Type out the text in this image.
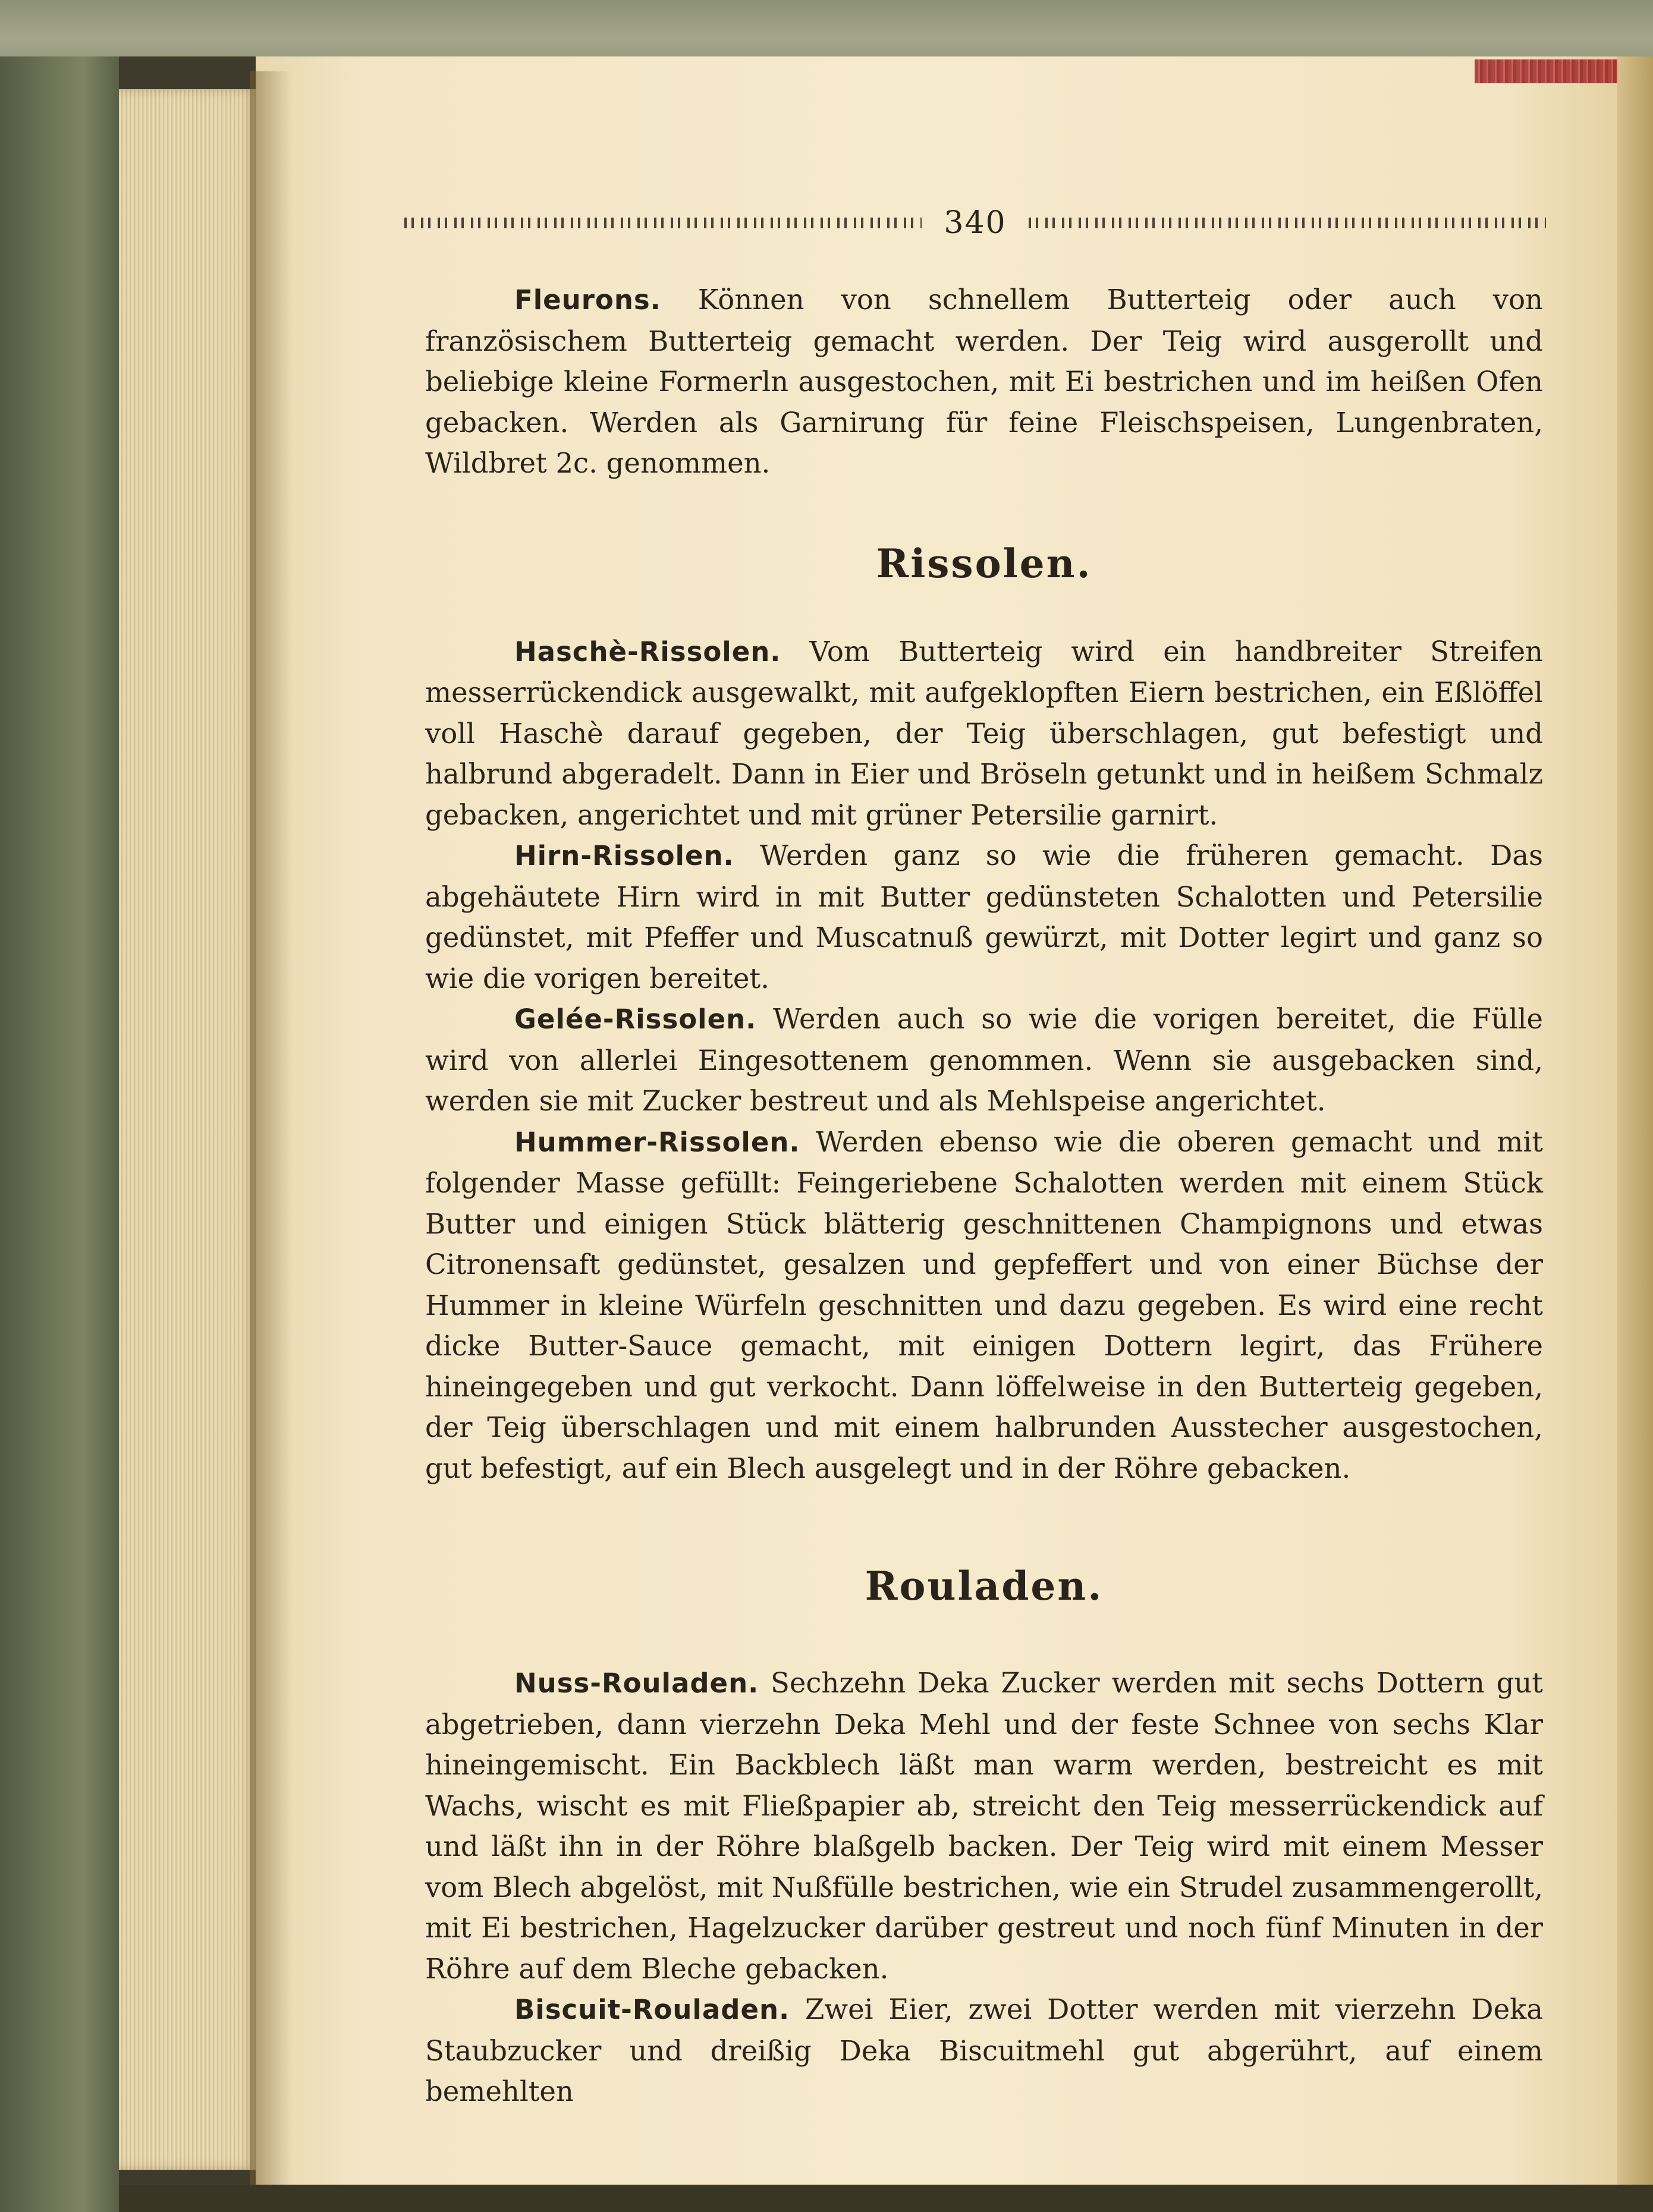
340

Fleurons. Können von schnellem Butterteig oder auch von französischem Butterteig gemacht werden. Der Teig wird ausgerollt und beliebige kleine Formerln ausgestochen, mit Ei bestrichen und im heißen Ofen gebacken. Werden als Garnirung für feine Fleischspeisen, Lungenbraten, Wildbret 2c. genommen.

Rissolen.

Haschè-Rissolen. Vom Butterteig wird ein handbreiter Streifen messerrückendick ausgewalkt, mit aufgeklopften Eiern bestrichen, ein Eßlöffel voll Haschè darauf gegeben, der Teig überschlagen, gut befestigt und halbrund abgeradelt. Dann in Eier und Bröseln getunkt und in heißem Schmalz gebacken, angerichtet und mit grüner Petersilie garnirt.

Hirn-Rissolen. Werden ganz so wie die früheren gemacht. Das abgehäutete Hirn wird in mit Butter gedünsteten Schalotten und Petersilie gedünstet, mit Pfeffer und Muscatnuß gewürzt, mit Dotter legirt und ganz so wie die vorigen bereitet.

Gelée-Rissolen. Werden auch so wie die vorigen bereitet, die Fülle wird von allerlei Eingesottenem genommen. Wenn sie ausgebacken sind, werden sie mit Zucker bestreut und als Mehlspeise angerichtet.

Hummer-Rissolen. Werden ebenso wie die oberen gemacht und mit folgender Masse gefüllt: Feingeriebene Schalotten werden mit einem Stück Butter und einigen Stück blätterig geschnittenen Champignons und etwas Citronensaft gedünstet, gesalzen und gepfeffert und von einer Büchse der Hummer in kleine Würfeln geschnitten und dazu gegeben. Es wird eine recht dicke Butter-Sauce gemacht, mit einigen Dottern legirt, das Frühere hineingegeben und gut verkocht. Dann löffelweise in den Butterteig gegeben, der Teig überschlagen und mit einem halbrunden Ausstecher ausgestochen, gut befestigt, auf ein Blech ausgelegt und in der Röhre gebacken.

Rouladen.

Nuss-Rouladen. Sechzehn Deka Zucker werden mit sechs Dottern gut abgetrieben, dann vierzehn Deka Mehl und der feste Schnee von sechs Klar hineingemischt. Ein Backblech läßt man warm werden, bestreicht es mit Wachs, wischt es mit Fließpapier ab, streicht den Teig messerrückendick auf und läßt ihn in der Röhre blaßgelb backen. Der Teig wird mit einem Messer vom Blech abgelöst, mit Nußfülle bestrichen, wie ein Strudel zusammengerollt, mit Ei bestrichen, Hagelzucker darüber gestreut und noch fünf Minuten in der Röhre auf dem Bleche gebacken.

Biscuit-Rouladen. Zwei Eier, zwei Dotter werden mit vierzehn Deka Staubzucker und dreißig Deka Biscuitmehl gut abgerührt, auf einem bemehlten
